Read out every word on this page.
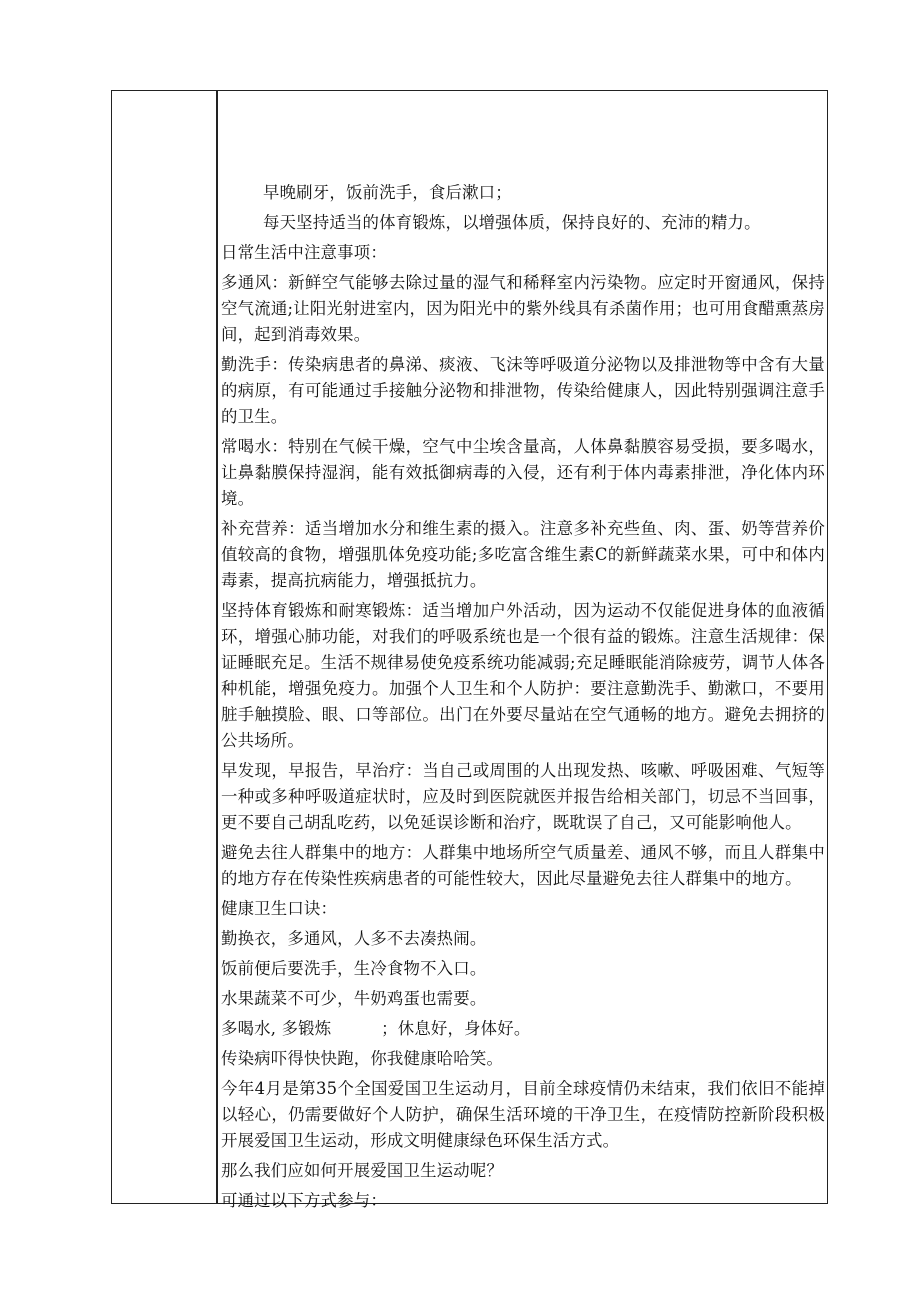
早晚刷牙，饭前洗手，食后漱口；

每天坚持适当的体育锻炼，以增强体质，保持良好的、充沛的精力。

日常生活中注意事项：

多通风：新鲜空气能够去除过量的湿气和稀释室内污染物。应定时开窗通风，保持空气流通;让阳光射进室内，因为阳光中的紫外线具有杀菌作用；也可用食醋熏蒸房间，起到消毒效果。

勤洗手：传染病患者的鼻涕、痰液、飞沫等呼吸道分泌物以及排泄物等中含有大量的病原，有可能通过手接触分泌物和排泄物，传染给健康人，因此特别强调注意手的卫生。

常喝水：特别在气候干燥，空气中尘埃含量高，人体鼻黏膜容易受损，要多喝水，让鼻黏膜保持湿润，能有效抵御病毒的入侵，还有利于体内毒素排泄，净化体内环境。

补充营养：适当增加水分和维生素的摄入。注意多补充些鱼、肉、蛋、奶等营养价值较高的食物，增强肌体免疫功能;多吃富含维生素C的新鲜蔬菜水果，可中和体内毒素，提高抗病能力，增强抵抗力。

坚持体育锻炼和耐寒锻炼：适当增加户外活动，因为运动不仅能促进身体的血液循环，增强心肺功能，对我们的呼吸系统也是一个很有益的锻炼。注意生活规律：保证睡眠充足。生活不规律易使免疫系统功能减弱;充足睡眠能消除疲劳，调节人体各种机能，增强免疫力。加强个人卫生和个人防护：要注意勤洗手、勤漱口，不要用脏手触摸脸、眼、口等部位。出门在外要尽量站在空气通畅的地方。避免去拥挤的公共场所。

早发现，早报告，早治疗：当自己或周围的人出现发热、咳嗽、呼吸困难、气短等一种或多种呼吸道症状时，应及时到医院就医并报告给相关部门，切忌不当回事，更不要自己胡乱吃药，以免延误诊断和治疗，既耽误了自己，又可能影响他人。

避免去往人群集中的地方：人群集中地场所空气质量差、通风不够，而且人群集中的地方存在传染性疾病患者的可能性较大，因此尽量避免去往人群集中的地方。

健康卫生口诀：

勤换衣，多通风，人多不去凑热闹。

饭前便后要洗手，生冷食物不入口。

水果蔬菜不可少，牛奶鸡蛋也需要。

多喝水, 多锻炼　　　；休息好，身体好。

传染病吓得快快跑，你我健康哈哈笑。

今年4月是第35个全国爱国卫生运动月，目前全球疫情仍未结束，我们依旧不能掉以轻心，仍需要做好个人防护，确保生活环境的干净卫生，在疫情防控新阶段积极开展爱国卫生运动，形成文明健康绿色环保生活方式。

那么我们应如何开展爱国卫生运动呢？

可通过以下方式参与：
